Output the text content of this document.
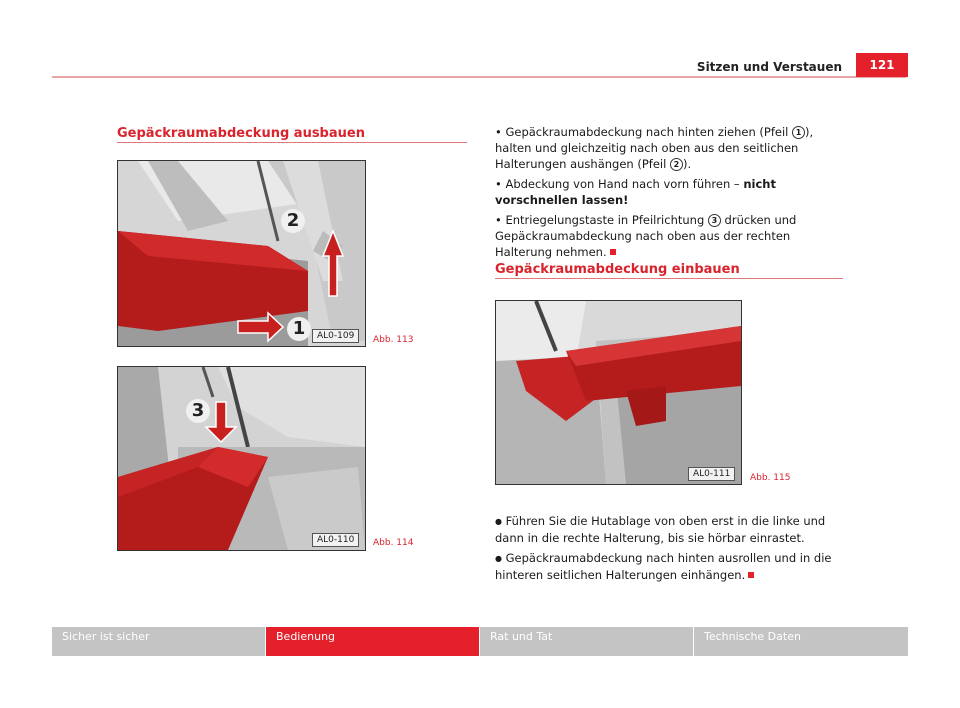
Sitzen und Verstauen	121
Gepäckraumabdeckung ausbauen
2
1	AL0-109	Abb. 113
3
AL0-110	Abb. 114

• Gepäckraumabdeckung nach hinten ziehen (Pfeil 1 ), halten und gleichzeitig nach oben aus den seitlichen Halterungen aushängen (Pfeil 2 ).

• Abdeckung von Hand nach vorn führen – nicht vorschnellen lassen!

• Entriegelungstaste in Pfeilrichtung 3 drücken und Gepäckraumabdeckung nach oben aus der rechten Halterung nehmen.

Gepäckraumabdeckung einbauen
AL0-111	Abb. 115

● Führen Sie die Hutablage von oben erst in die linke und dann in die rechte Halterung, bis sie hörbar einrastet.

● Gepäckraumabdeckung nach hinten ausrollen und in die hinteren seitlichen Halterungen einhängen.

Sicher ist sicher	Bedienung	Rat und Tat	Technische Daten
